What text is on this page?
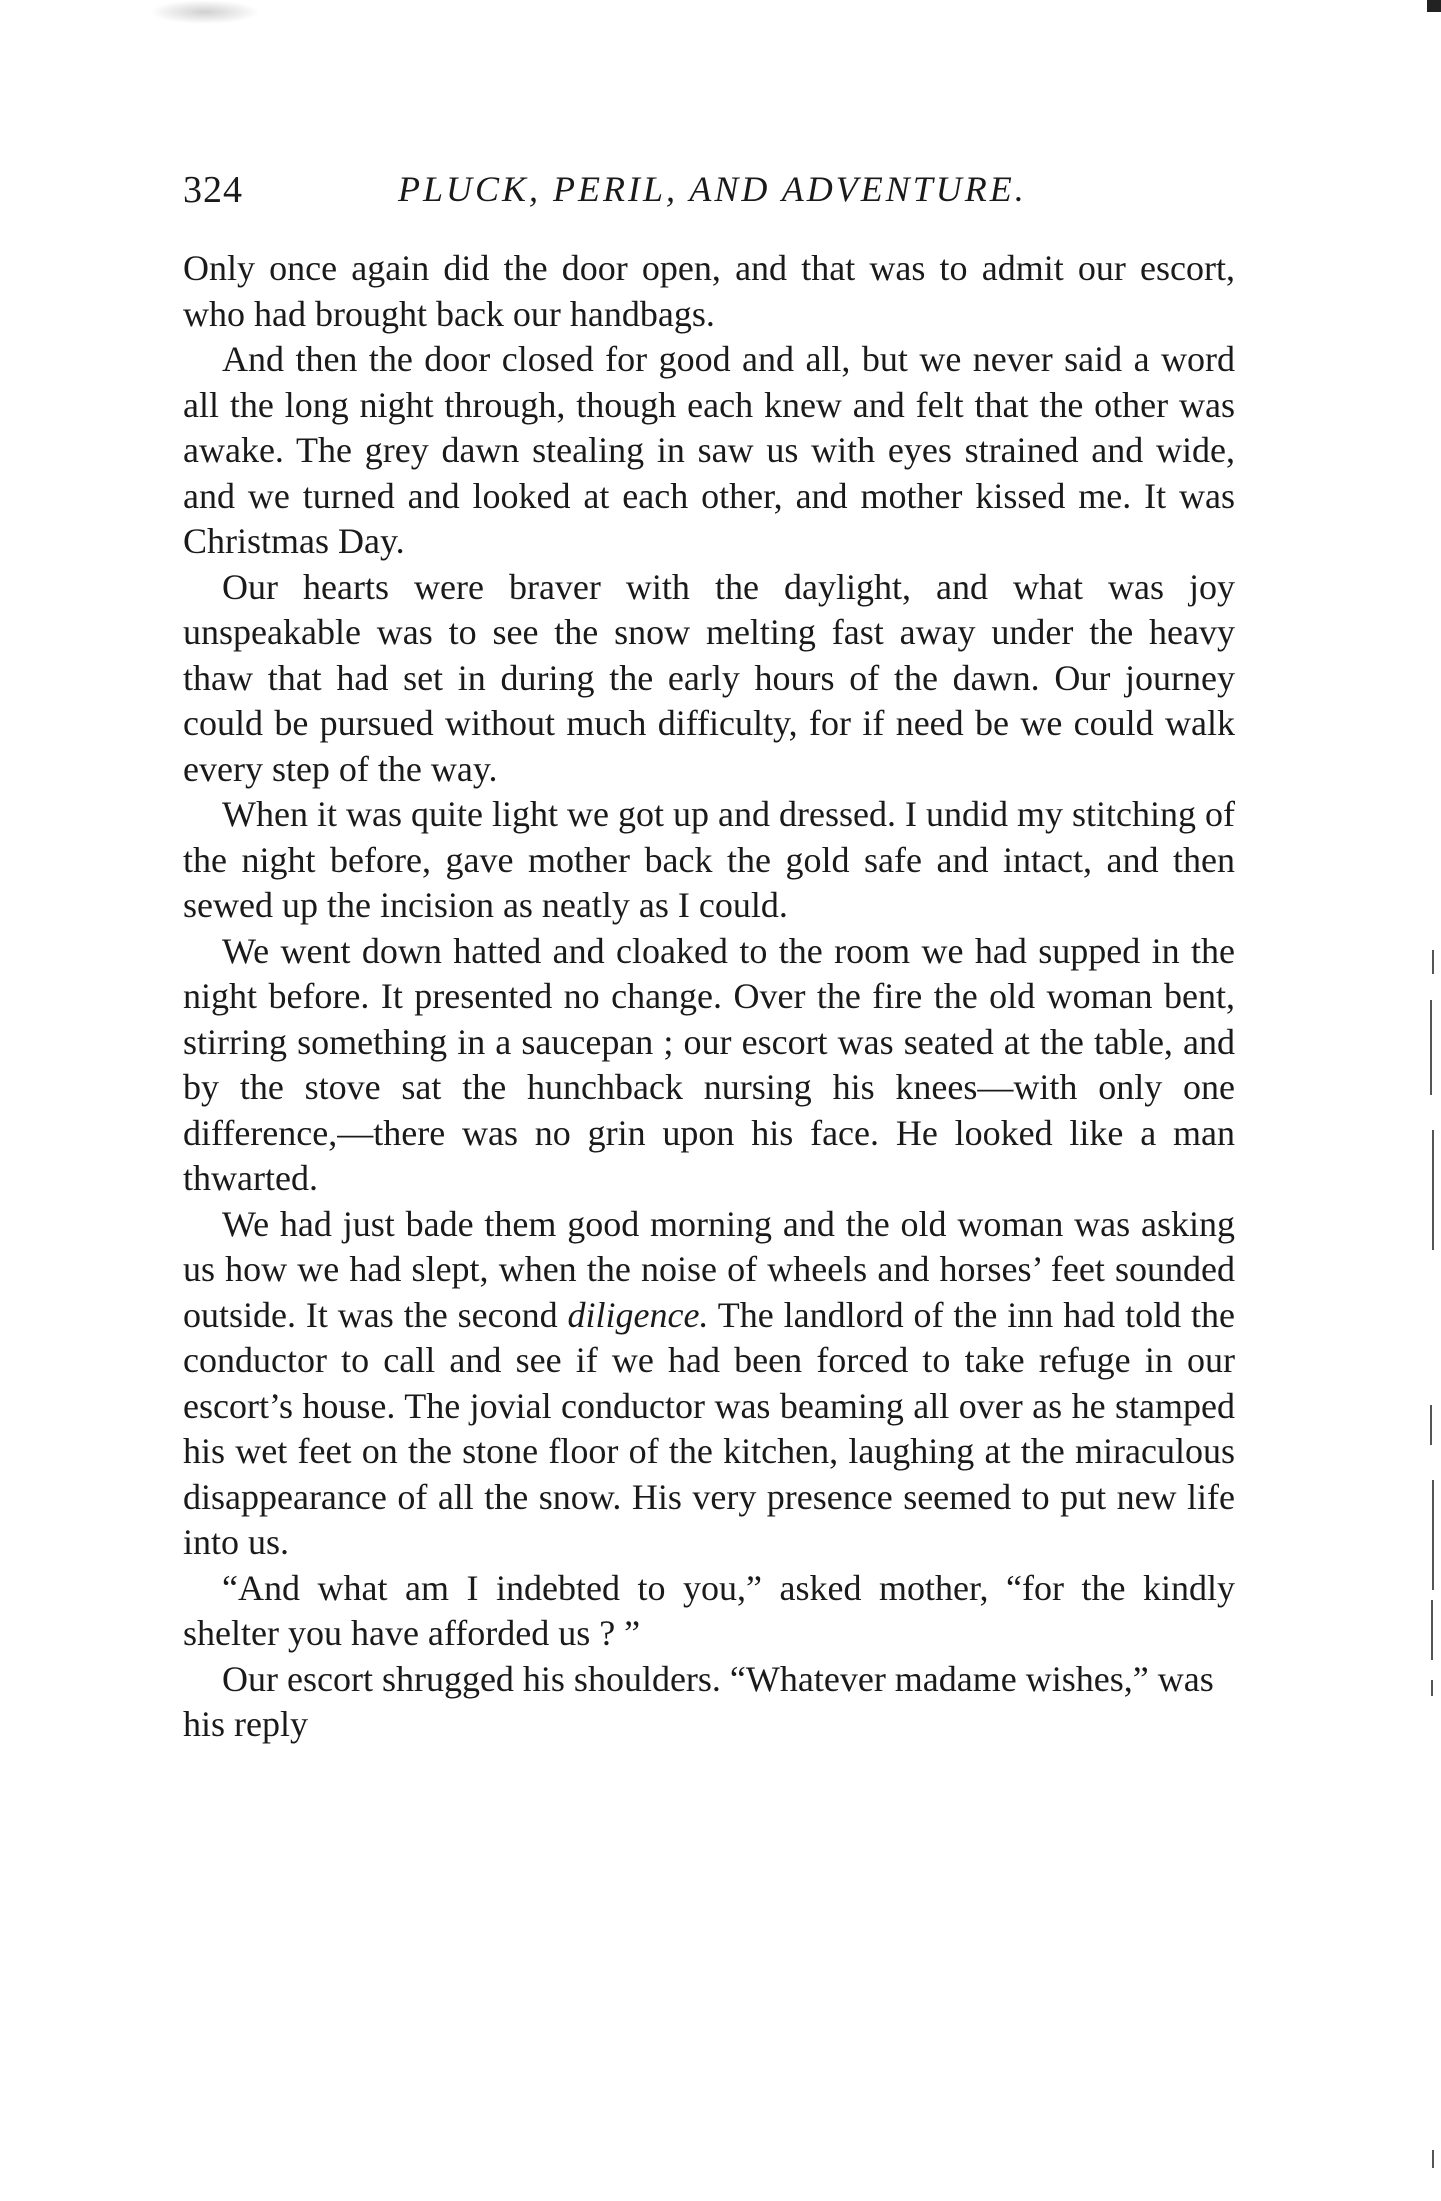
324	PLUCK, PERIL, AND ADVENTURE.

Only once again did the door open, and that was to admit our escort, who had brought back our handbags.

And then the door closed for good and all, but we never said a word all the long night through, though each knew and felt that the other was awake. The grey dawn stealing in saw us with eyes strained and wide, and we turned and looked at each other, and mother kissed me. It was Christmas Day.

Our hearts were braver with the daylight, and what was joy unspeakable was to see the snow melting fast away under the heavy thaw that had set in during the early hours of the dawn. Our journey could be pursued without much difficulty, for if need be we could walk every step of the way.

When it was quite light we got up and dressed. I undid my stitching of the night before, gave mother back the gold safe and intact, and then sewed up the incision as neatly as I could.

We went down hatted and cloaked to the room we had supped in the night before. It presented no change. Over the fire the old woman bent, stirring something in a saucepan ; our escort was seated at the table, and by the stove sat the hunchback nursing his knees—with only one difference,—there was no grin upon his face. He looked like a man thwarted.

We had just bade them good morning and the old woman was asking us how we had slept, when the noise of wheels and horses’ feet sounded outside. It was the second diligence. The landlord of the inn had told the conductor to call and see if we had been forced to take refuge in our escort’s house. The jovial conductor was beaming all over as he stamped his wet feet on the stone floor of the kitchen, laughing at the miraculous disappearance of all the snow. His very presence seemed to put new life into us.

“And what am I indebted to you,” asked mother, “for the kindly shelter you have afforded us ? ”

Our escort shrugged his shoulders. “Whatever madame wishes,” was his reply
